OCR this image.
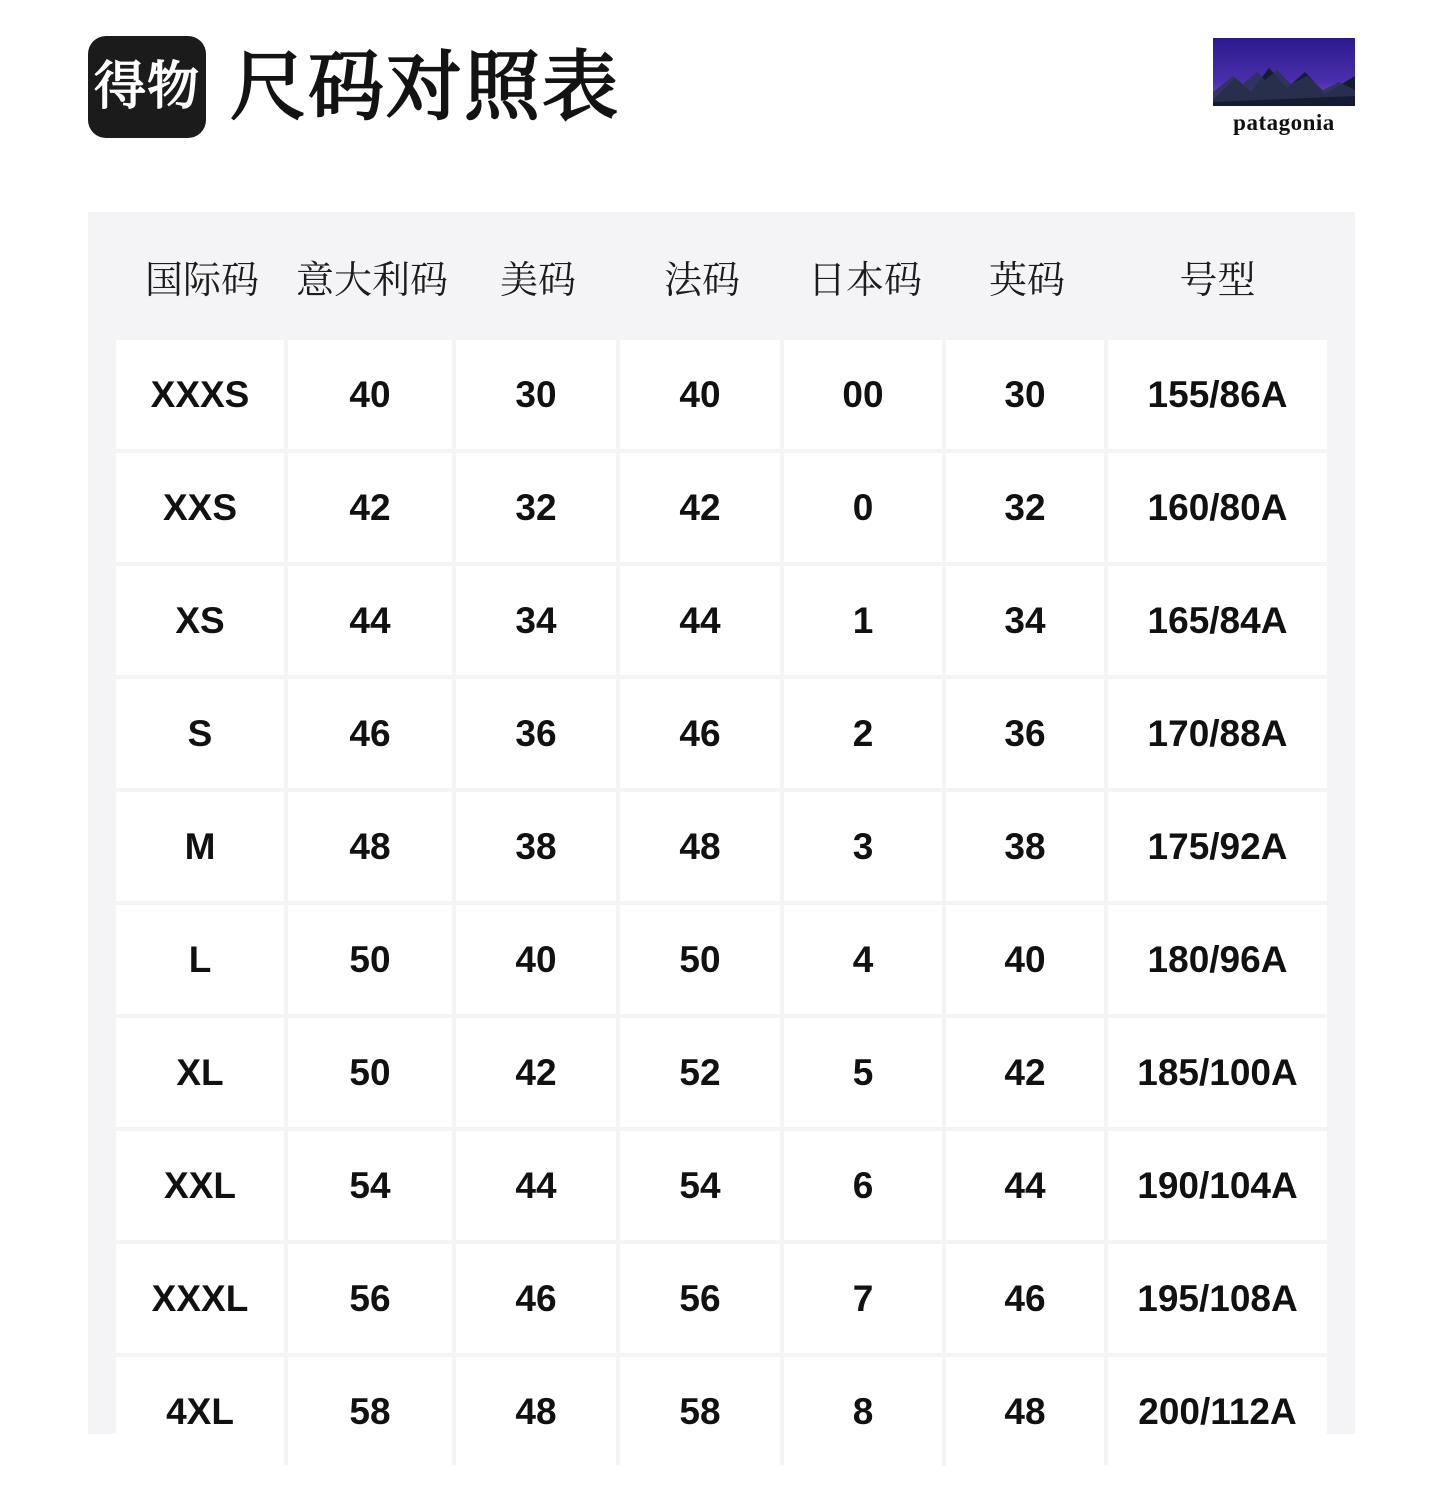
得物 尺码对照表	patagonia
国际码	意大利码	美码	法码	日本码	英码	号型
XXXS	40	30	40	00	30	155/86A
XXS	42	32	42	0	32	160/80A
XS	44	34	44	1	34	165/84A
S	46	36	46	2	36	170/88A
M	48	38	48	3	38	175/92A
L	50	40	50	4	40	180/96A
XL	50	42	52	5	42	185/100A
XXL	54	44	54	6	44	190/104A
XXXL	56	46	56	7	46	195/108A
4XL	58	48	58	8	48	200/112A
